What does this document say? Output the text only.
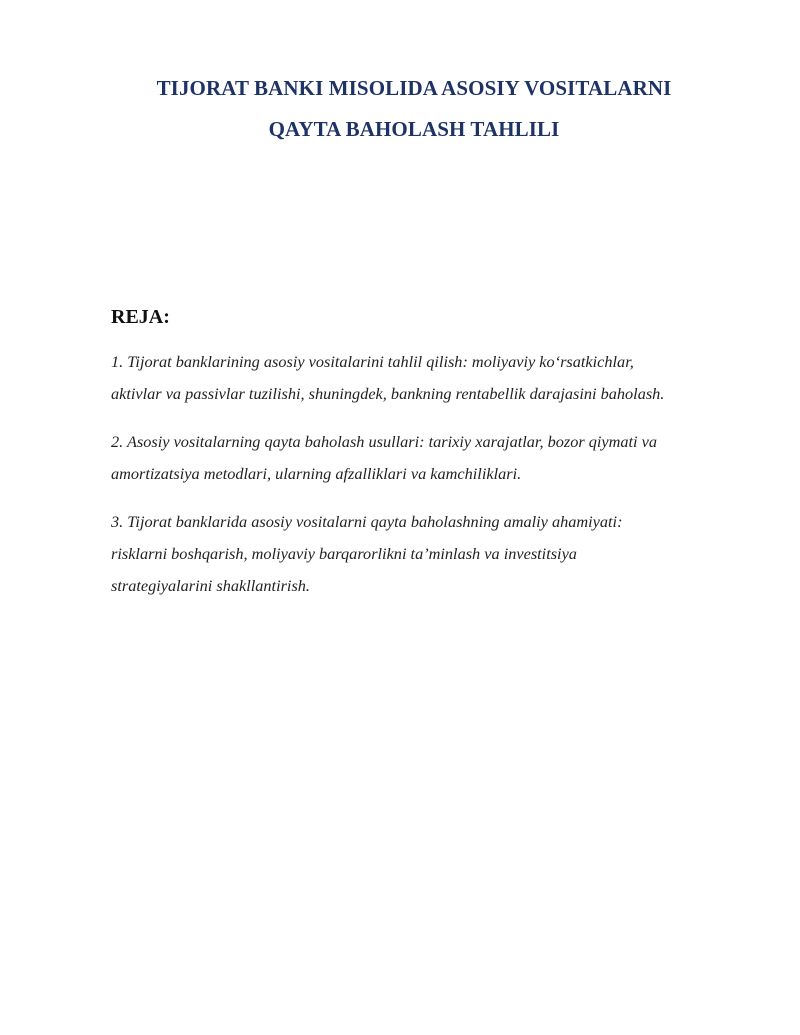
TIJORAT BANKI MISOLIDA ASOSIY VOSITALARNI
QAYTA BAHOLASH TAHLILI
REJA:
1. Tijorat banklarining asosiy vositalarini tahlil qilish: moliyaviy ko‘rsatkichlar,
aktivlar va passivlar tuzilishi, shuningdek, bankning rentabellik darajasini baholash.
2. Asosiy vositalarning qayta baholash usullari: tarixiy xarajatlar, bozor qiymati va
amortizatsiya metodlari, ularning afzalliklari va kamchiliklari.
3. Tijorat banklarida asosiy vositalarni qayta baholashning amaliy ahamiyati:
risklarni boshqarish, moliyaviy barqarorlikni ta’minlash va investitsiya
strategiyalarini shakllantirish.
